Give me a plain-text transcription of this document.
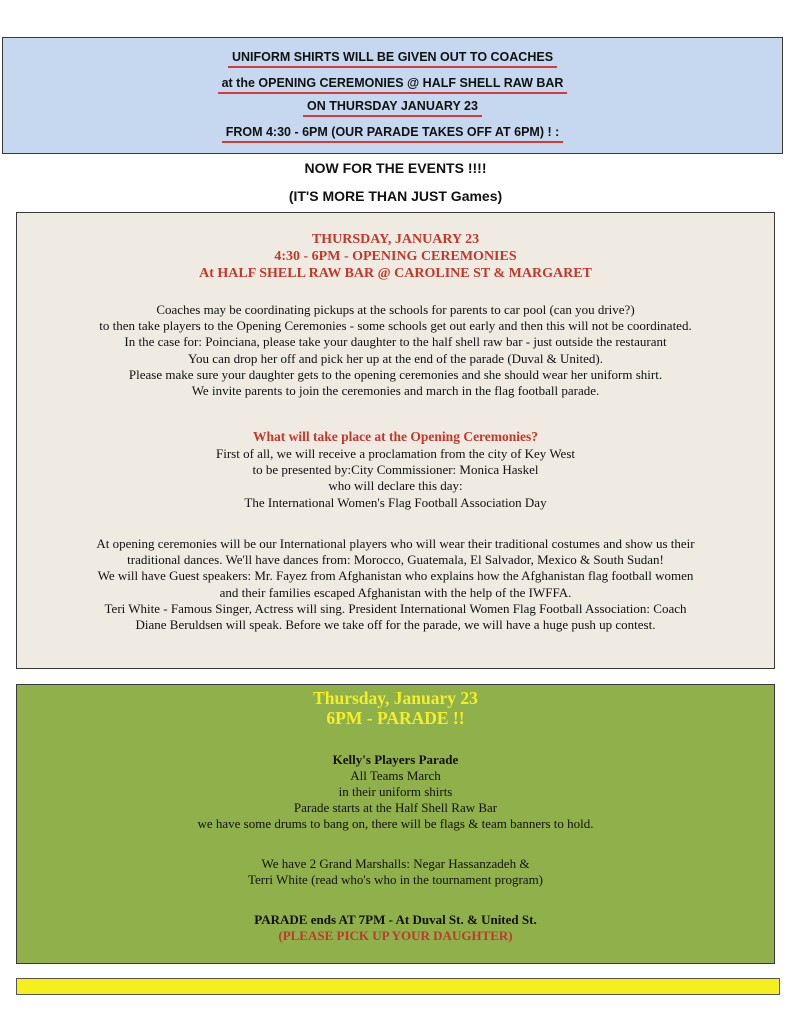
UNIFORM SHIRTS WILL BE GIVEN OUT TO COACHES
at the OPENING CEREMONIES @ HALF SHELL RAW BAR
ON THURSDAY JANUARY 23
FROM 4:30 - 6PM (OUR PARADE TAKES OFF AT 6PM) ! :
NOW FOR THE EVENTS !!!!
(IT'S MORE THAN JUST Games)
THURSDAY, JANUARY 23
4:30 - 6PM - OPENING CEREMONIES
At HALF SHELL RAW BAR @ CAROLINE ST & MARGARET
Coaches may be coordinating pickups at the schools for parents to car pool (can you drive?)
to then take players to the Opening Ceremonies - some schools get out early and then this will not be coordinated.
In the case for: Poinciana, please take your daughter to the half shell raw bar - just outside the restaurant
You can drop her off and pick her up at the end of the parade (Duval & United).
Please make sure your daughter gets to the opening ceremonies and she should wear her uniform shirt.
We invite parents to join the ceremonies and march in the flag football parade.
What will take place at the Opening Ceremonies?
First of all, we will receive a proclamation from the city of Key West
to be presented by:City Commissioner: Monica Haskel
who will declare this day:
The International Women's Flag Football Association Day
At opening ceremonies will be our International players who will wear their traditional costumes and show us their
traditional dances. We'll have dances from: Morocco, Guatemala, El Salvador, Mexico & South Sudan!
We will have Guest speakers: Mr. Fayez from Afghanistan who explains how the Afghanistan flag football women
and their families escaped Afghanistan with the help of the IWFFA.
Teri White - Famous Singer, Actress will sing. President International Women Flag Football Association: Coach
Diane Beruldsen will speak. Before we take off for the parade, we will have a huge push up contest.
Thursday, January 23
6PM - PARADE !!
Kelly's Players Parade
All Teams March
in their uniform shirts
Parade starts at the Half Shell Raw Bar
we have some drums to bang on, there will be flags & team banners to hold.
We have 2 Grand Marshalls: Negar Hassanzadeh &
Terri White (read who's who in the tournament program)
PARADE ends AT 7PM - At Duval St. & United St.
(PLEASE PICK UP YOUR DAUGHTER)
